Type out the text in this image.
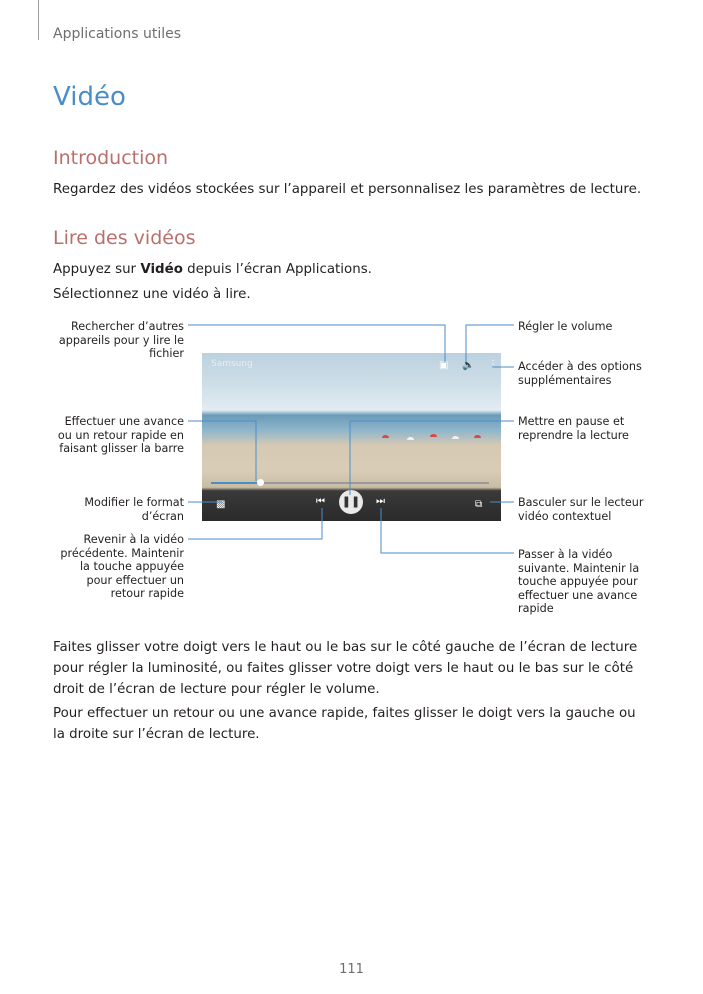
Applications utiles
Vidéo
Introduction

Regardez des vidéos stockées sur l’appareil et personnalisez les paramètres de lecture.

Lire des vidéos

Appuyez sur Vidéo depuis l’écran Applications.

Sélectionnez une vidéo à lire.

Samsung	▣ 🔈 ⋮
▩	⏮ ❚❚ ⏭	⧉
Rechercher d’autres appareils pour y lire le fichier
Effectuer une avance ou un retour rapide en faisant glisser la barre
Modifier le format d’écran
Revenir à la vidéo précédente. Maintenir la touche appuyée pour effectuer un retour rapide
Régler le volume
Accéder à des options supplémentaires
Mettre en pause et reprendre la lecture
Basculer sur le lecteur vidéo contextuel
Passer à la vidéo suivante. Maintenir la touche appuyée pour effectuer une avance rapide

Faites glisser votre doigt vers le haut ou le bas sur le côté gauche de l’écran de lecture pour régler la luminosité, ou faites glisser votre doigt vers le haut ou le bas sur le côté droit de l’écran de lecture pour régler le volume.

Pour effectuer un retour ou une avance rapide, faites glisser le doigt vers la gauche ou la droite sur l’écran de lecture.

111
